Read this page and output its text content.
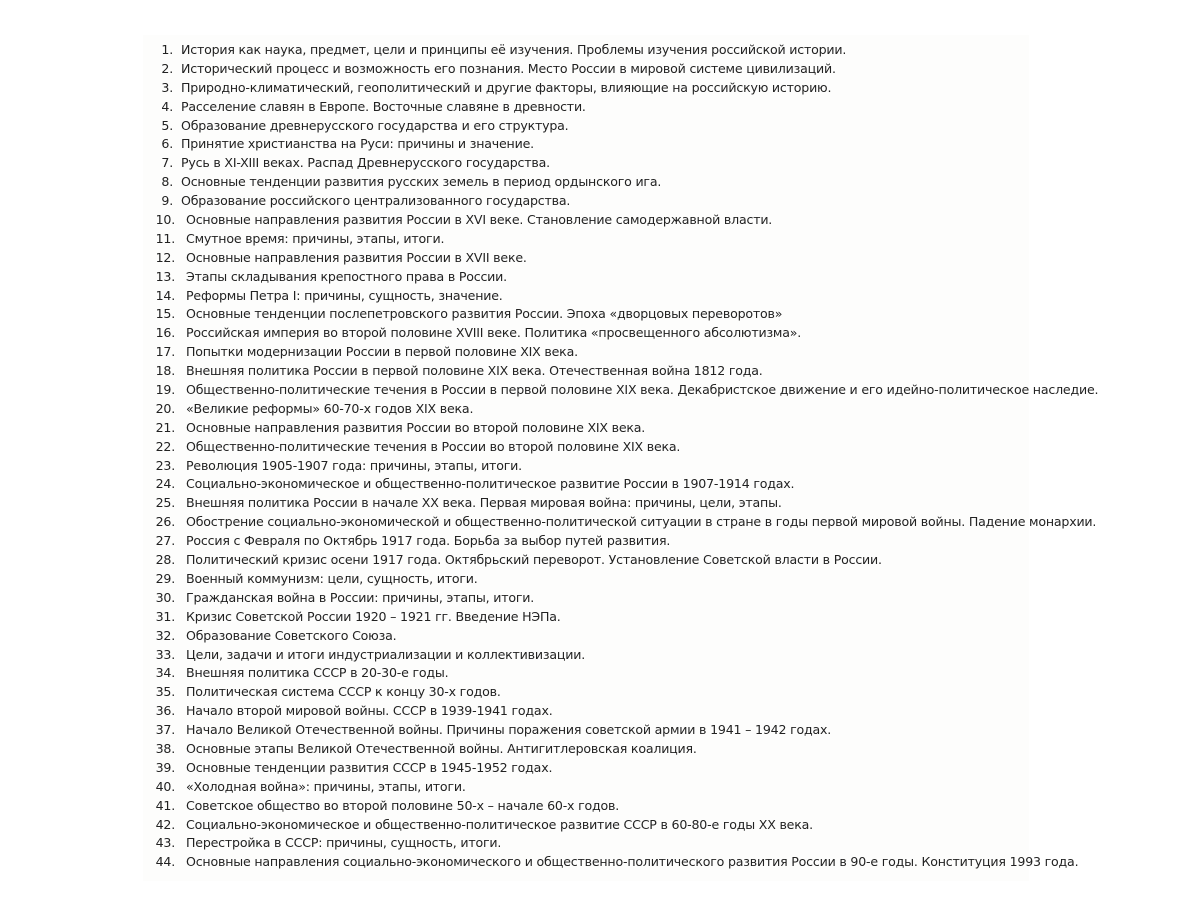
1. История как наука, предмет, цели и принципы её изучения. Проблемы изучения российской истории.
2. Исторический процесс и возможность его познания. Место России в мировой системе цивилизаций.
3. Природно-климатический, геополитический и другие факторы, влияющие на российскую историю.
4. Расселение славян в Европе. Восточные славяне в древности.
5. Образование древнерусского государства и его структура.
6. Принятие христианства на Руси: причины и значение.
7. Русь в XI-XIII веках. Распад Древнерусского государства.
8. Основные тенденции развития русских земель в период ордынского ига.
9. Образование российского централизованного государства.
10. Основные направления развития России в XVI веке. Становление самодержавной власти.
11. Смутное время: причины, этапы, итоги.
12. Основные направления развития России в XVII веке.
13. Этапы складывания крепостного права в России.
14. Реформы Петра I: причины, сущность, значение.
15. Основные тенденции послепетровского развития России. Эпоха «дворцовых переворотов»
16. Российская империя во второй половине XVIII веке. Политика «просвещенного абсолютизма».
17. Попытки модернизации России в первой половине XIX века.
18. Внешняя политика России в первой половине XIX века. Отечественная война 1812 года.
19. Общественно-политические течения в России в первой половине XIX века. Декабристское движение и его идейно-политическое наследие.
20. «Великие реформы» 60-70-х годов XIX века.
21. Основные направления развития России во второй половине XIX века.
22. Общественно-политические течения в России во второй половине XIX века.
23. Революция 1905-1907 года: причины, этапы, итоги.
24. Социально-экономическое и общественно-политическое развитие России в 1907-1914 годах.
25. Внешняя политика России в начале XX века. Первая мировая война: причины, цели, этапы.
26. Обострение социально-экономической и общественно-политической ситуации в стране в годы первой мировой войны. Падение монархии.
27. Россия с Февраля по Октябрь 1917 года. Борьба за выбор путей развития.
28. Политический кризис осени 1917 года. Октябрьский переворот. Установление Советской власти в России.
29. Военный коммунизм: цели, сущность, итоги.
30. Гражданская война в России: причины, этапы, итоги.
31. Кризис Советской России 1920 – 1921 гг. Введение НЭПа.
32. Образование Советского Союза.
33. Цели, задачи и итоги индустриализации и коллективизации.
34. Внешняя политика СССР в 20-30-е годы.
35. Политическая система СССР к концу 30-х годов.
36. Начало второй мировой войны. СССР в 1939-1941 годах.
37. Начало Великой Отечественной войны. Причины поражения советской армии в 1941 – 1942 годах.
38. Основные этапы Великой Отечественной войны. Антигитлеровская коалиция.
39. Основные тенденции развития СССР в 1945-1952 годах.
40. «Холодная война»: причины, этапы, итоги.
41. Советское общество во второй половине 50-х – начале 60-х годов.
42. Социально-экономическое и общественно-политическое развитие СССР в 60-80-е годы XX века.
43. Перестройка в СССР: причины, сущность, итоги.
44. Основные направления социально-экономического и общественно-политического развития России в 90-е годы. Конституция 1993 года.
